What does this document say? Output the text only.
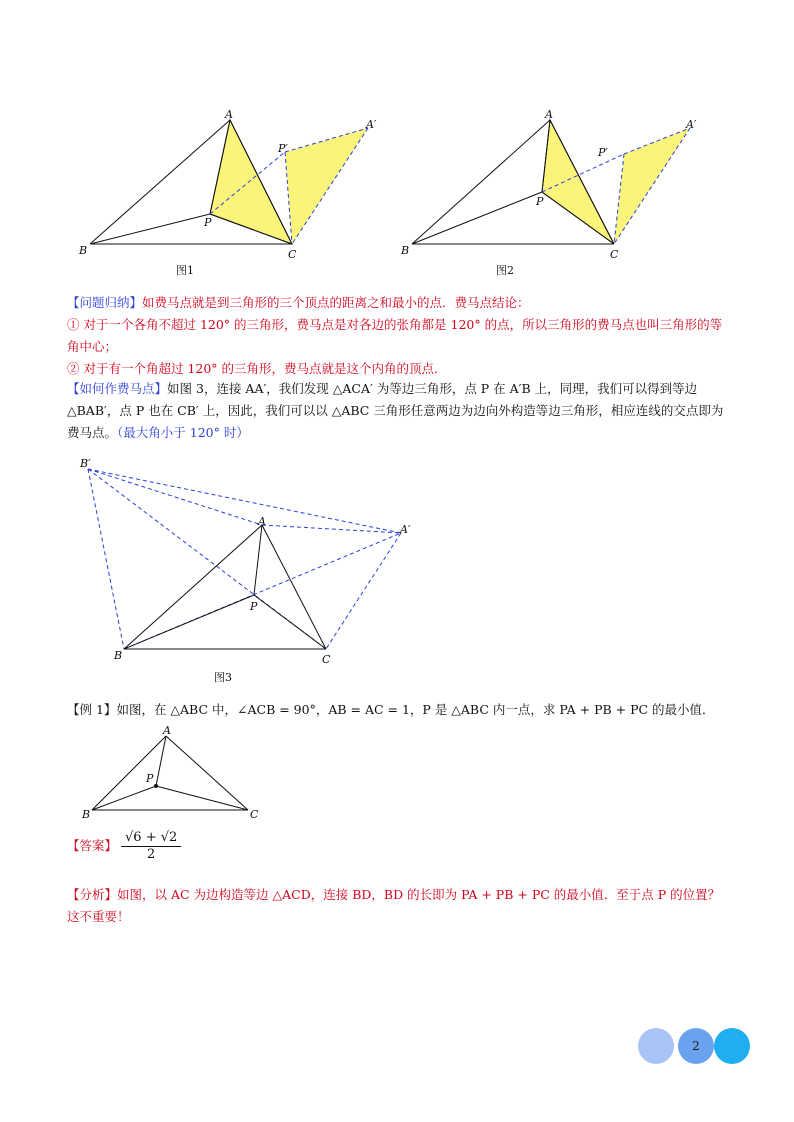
A
B	C
P
P′
A′
图1
A
B	C
P
P′
A′
图2
【问题归纳】如费马点就是到三角形的三个顶点的距离之和最小的点．费马点结论：
① 对于一个各角不超过 120° 的三角形，费马点是对各边的张角都是 120° 的点，所以三角形的费马点也叫三角形的等角中心；
② 对于有一个角超过 120° 的三角形，费马点就是这个内角的顶点．
【如何作费马点】如图 3，连接 AA′，我们发现 △ACA′ 为等边三角形，点 P 在 A′B 上，同理，我们可以得到等边 △BAB′，点 P 也在 CB′ 上，因此，我们可以以 △ABC 三角形任意两边为边向外构造等边三角形，相应连线的交点即为费马点。（最大角小于 120° 时）
A
B	C
P
B′
A′
图3
【例 1】如图，在 △ABC 中，∠ACB = 90°，AB = AC = 1，P 是 △ABC 内一点，求 PA + PB + PC 的最小值．
A
B	C
P
【答案】 $\frac{√6 + √2}{2}$
【分析】如图，以 AC 为边构造等边 △ACD，连接 BD，BD 的长即为 PA + PB + PC 的最小值．至于点 P 的位置？这不重要！
2
